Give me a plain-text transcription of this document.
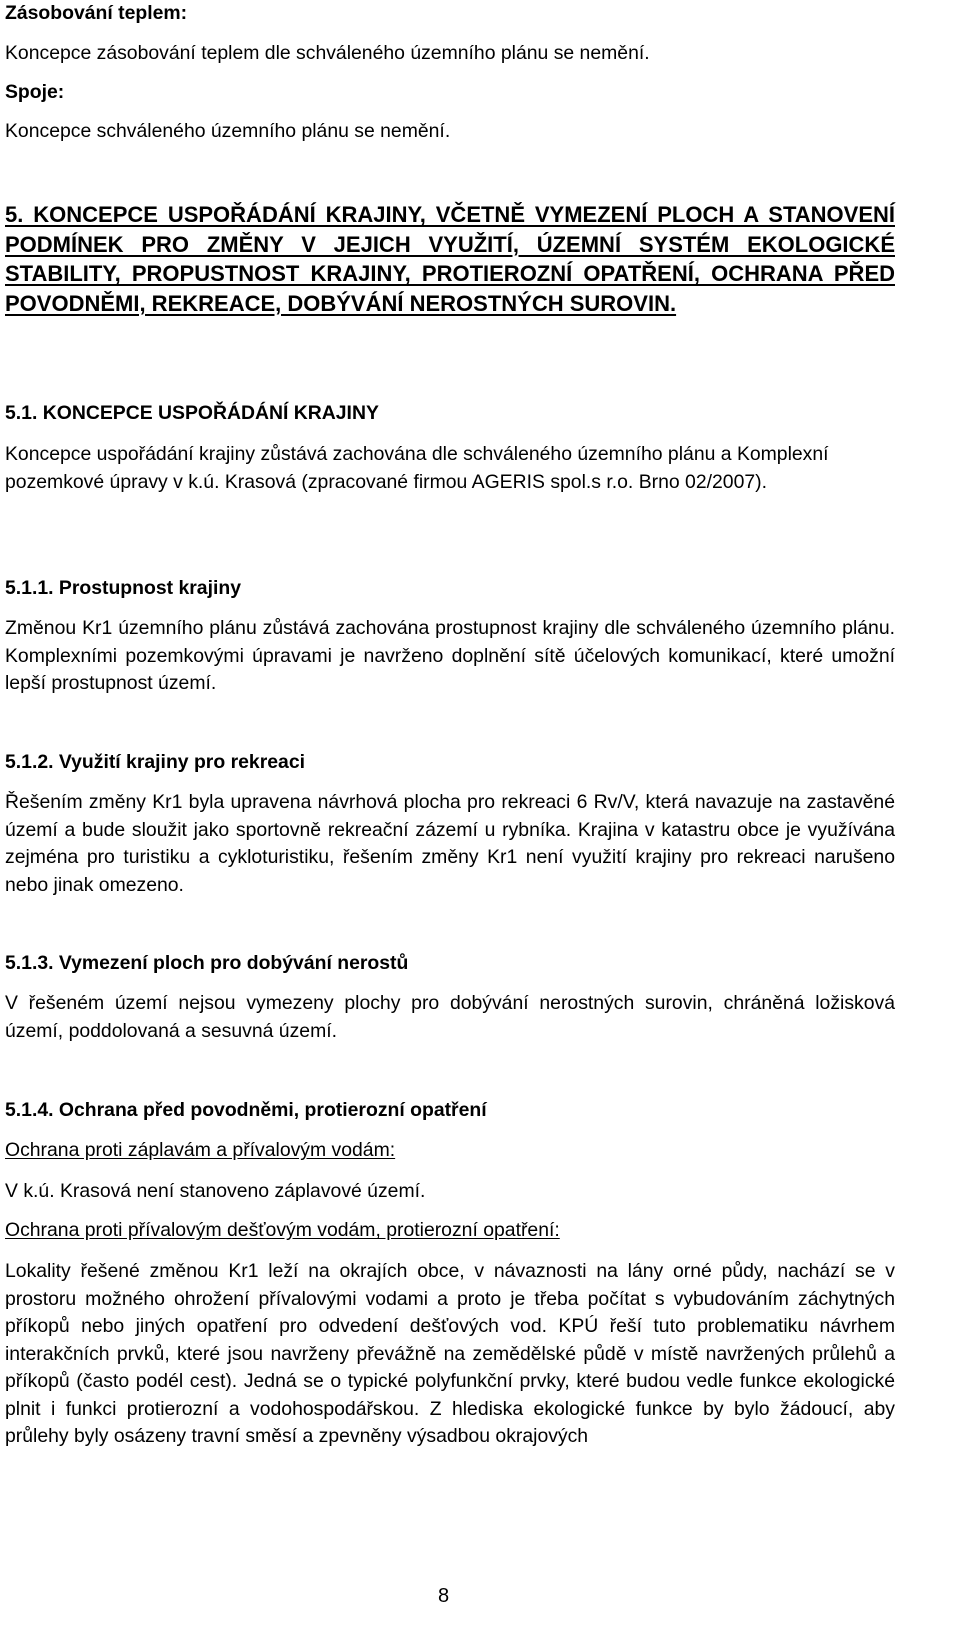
Zásobování teplem:

Koncepce zásobování teplem dle schváleného územního plánu se nemění.

Spoje:

Koncepce schváleného územního plánu se nemění.

5. KONCEPCE USPOŘÁDÁNÍ KRAJINY, VČETNĚ VYMEZENÍ PLOCH A STANOVENÍ PODMÍNEK PRO ZMĚNY V JEJICH VYUŽITÍ, ÚZEMNÍ SYSTÉM EKOLOGICKÉ STABILITY, PROPUSTNOST KRAJINY, PROTIEROZNÍ OPATŘENÍ, OCHRANA PŘED POVODNĚMI, REKREACE, DOBÝVÁNÍ NEROSTNÝCH SUROVIN.

5.1. KONCEPCE USPOŘÁDÁNÍ KRAJINY

Koncepce uspořádání krajiny zůstává zachována dle schváleného územního plánu a Komplexní pozemkové úpravy v k.ú. Krasová (zpracované firmou AGERIS spol.s r.o. Brno 02/2007).

5.1.1. Prostupnost krajiny

Změnou Kr1 územního plánu zůstává zachována prostupnost krajiny dle schváleného územního plánu. Komplexními pozemkovými úpravami je navrženo doplnění sítě účelových komunikací, které umožní lepší prostupnost území.

5.1.2. Využití krajiny pro rekreaci

Řešením změny Kr1 byla upravena návrhová plocha pro rekreaci 6 Rv/V, která navazuje na zastavěné území a bude sloužit jako sportovně rekreační zázemí u rybníka. Krajina v katastru obce je využívána zejména pro turistiku a cykloturistiku, řešením změny Kr1 není využití krajiny pro rekreaci narušeno nebo jinak omezeno.

5.1.3. Vymezení ploch pro dobývání nerostů

V řešeném území nejsou vymezeny plochy pro dobývání nerostných surovin, chráněná ložisková území, poddolovaná a sesuvná území.

5.1.4. Ochrana před povodněmi, protierozní opatření

Ochrana proti záplavám a přívalovým vodám:

V k.ú. Krasová není stanoveno záplavové území.

Ochrana proti přívalovým dešťovým vodám, protierozní opatření:

Lokality řešené změnou Kr1 leží na okrajích obce, v návaznosti na lány orné půdy, nachází se v prostoru možného ohrožení přívalovými vodami a proto je třeba počítat s vybudováním záchytných příkopů nebo jiných opatření pro odvedení dešťových vod. KPÚ řeší tuto problematiku návrhem interakčních prvků, které jsou navrženy převážně na zemědělské půdě v místě navržených průlehů a příkopů (často podél cest). Jedná se o typické polyfunkční prvky, které budou vedle funkce ekologické plnit i funkci protierozní a vodohospodářskou. Z hlediska ekologické funkce by bylo žádoucí, aby průlehy byly osázeny travní směsí a zpevněny výsadbou okrajových

8
